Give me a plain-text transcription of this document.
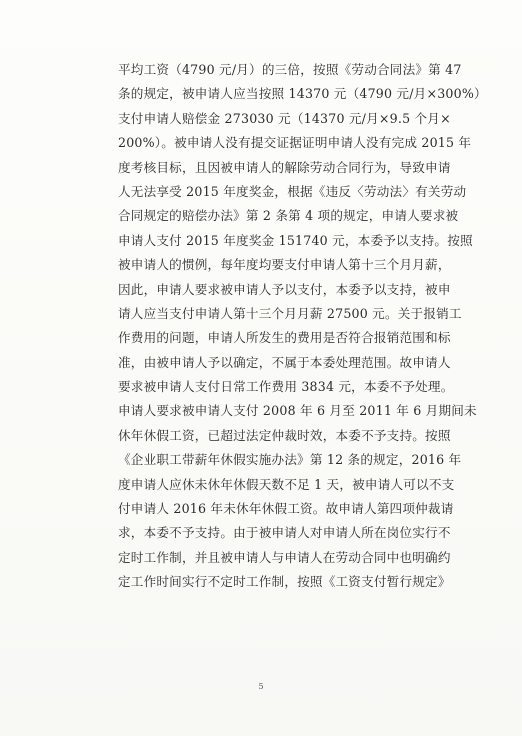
平均工资（4790 元/月）的三倍，按照《劳动合同法》第 47
条的规定，被申请人应当按照 14370 元（4790 元/月×300%）
支付申请人赔偿金 273030 元（14370 元/月×9.5 个月×
200%）。被申请人没有提交证据证明申请人没有完成 2015 年
度考核目标，且因被申请人的解除劳动合同行为，导致申请
人无法享受 2015 年度奖金，根据《违反〈劳动法〉有关劳动
合同规定的赔偿办法》第 2 条第 4 项的规定，申请人要求被
申请人支付 2015 年度奖金 151740 元，本委予以支持。按照
被申请人的惯例，每年度均要支付申请人第十三个月月薪，
因此，申请人要求被申请人予以支付，本委予以支持，被申
请人应当支付申请人第十三个月月薪 27500 元。关于报销工
作费用的问题，申请人所发生的费用是否符合报销范围和标
准，由被申请人予以确定，不属于本委处理范围。故申请人
要求被申请人支付日常工作费用 3834 元，本委不予处理。
申请人要求被申请人支付 2008 年 6 月至 2011 年 6 月期间未
休年休假工资，已超过法定仲裁时效，本委不予支持。按照
《企业职工带薪年休假实施办法》第 12 条的规定，2016 年
度申请人应休未休年休假天数不足 1 天，被申请人可以不支
付申请人 2016 年未休年休假工资。故申请人第四项仲裁请
求，本委不予支持。由于被申请人对申请人所在岗位实行不
定时工作制，并且被申请人与申请人在劳动合同中也明确约
定工作时间实行不定时工作制，按照《工资支付暂行规定》
5
